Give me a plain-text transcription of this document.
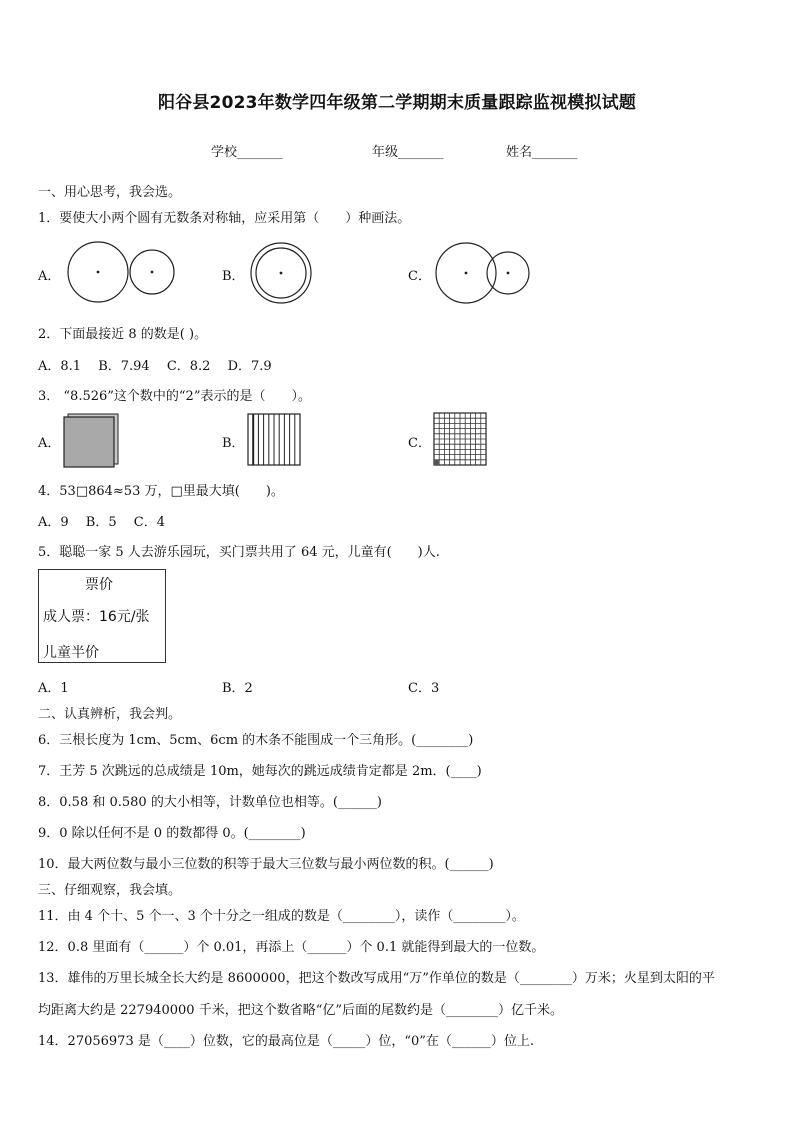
阳谷县2023年数学四年级第二学期期末质量跟踪监视模拟试题
学校_______	年级_______	姓名_______
一、用心思考，我会选。
1．要使大小两个圆有无数条对称轴，应采用第（　　）种画法。
A．	B．	C．
2．下面最接近 8 的数是( )。
A．8.1　 B．7.94　 C．8.2　 D．7.9
3． “8.526”这个数中的“2”表示的是（　　）。
A．	B．	C．
4．53□864≈53 万，□里最大填(　　)。
A．9　 B．5　 C．4
5．聪聪一家 5 人去游乐园玩，买门票共用了 64 元，儿童有(　　)人.
票价
成人票：16元/张
儿童半价
A．1	B．2	C．3
二、认真辨析，我会判。
6．三根长度为 1cm、5cm、6cm 的木条不能围成一个三角形。(________)
7．王芳 5 次跳远的总成绩是 10m，她每次的跳远成绩肯定都是 2m．(____)
8．0.58 和 0.580 的大小相等，计数单位也相等。(______)
9．0 除以任何不是 0 的数都得 0。(________)
10．最大两位数与最小三位数的积等于最大三位数与最小两位数的积。(______)
三、仔细观察，我会填。
11．由 4 个十、5 个一、3 个十分之一组成的数是（________），读作（________）。
12．0.8 里面有（______）个 0.01，再添上（______）个 0.1 就能得到最大的一位数。
13．雄伟的万里长城全长大约是 8600000，把这个数改写成用“万”作单位的数是（________）万米；火星到太阳的平
均距离大约是 227940000 千米，把这个数省略“亿”后面的尾数约是（________）亿千米。
14．27056973 是（____）位数，它的最高位是（_____）位，“0”在（______）位上.
